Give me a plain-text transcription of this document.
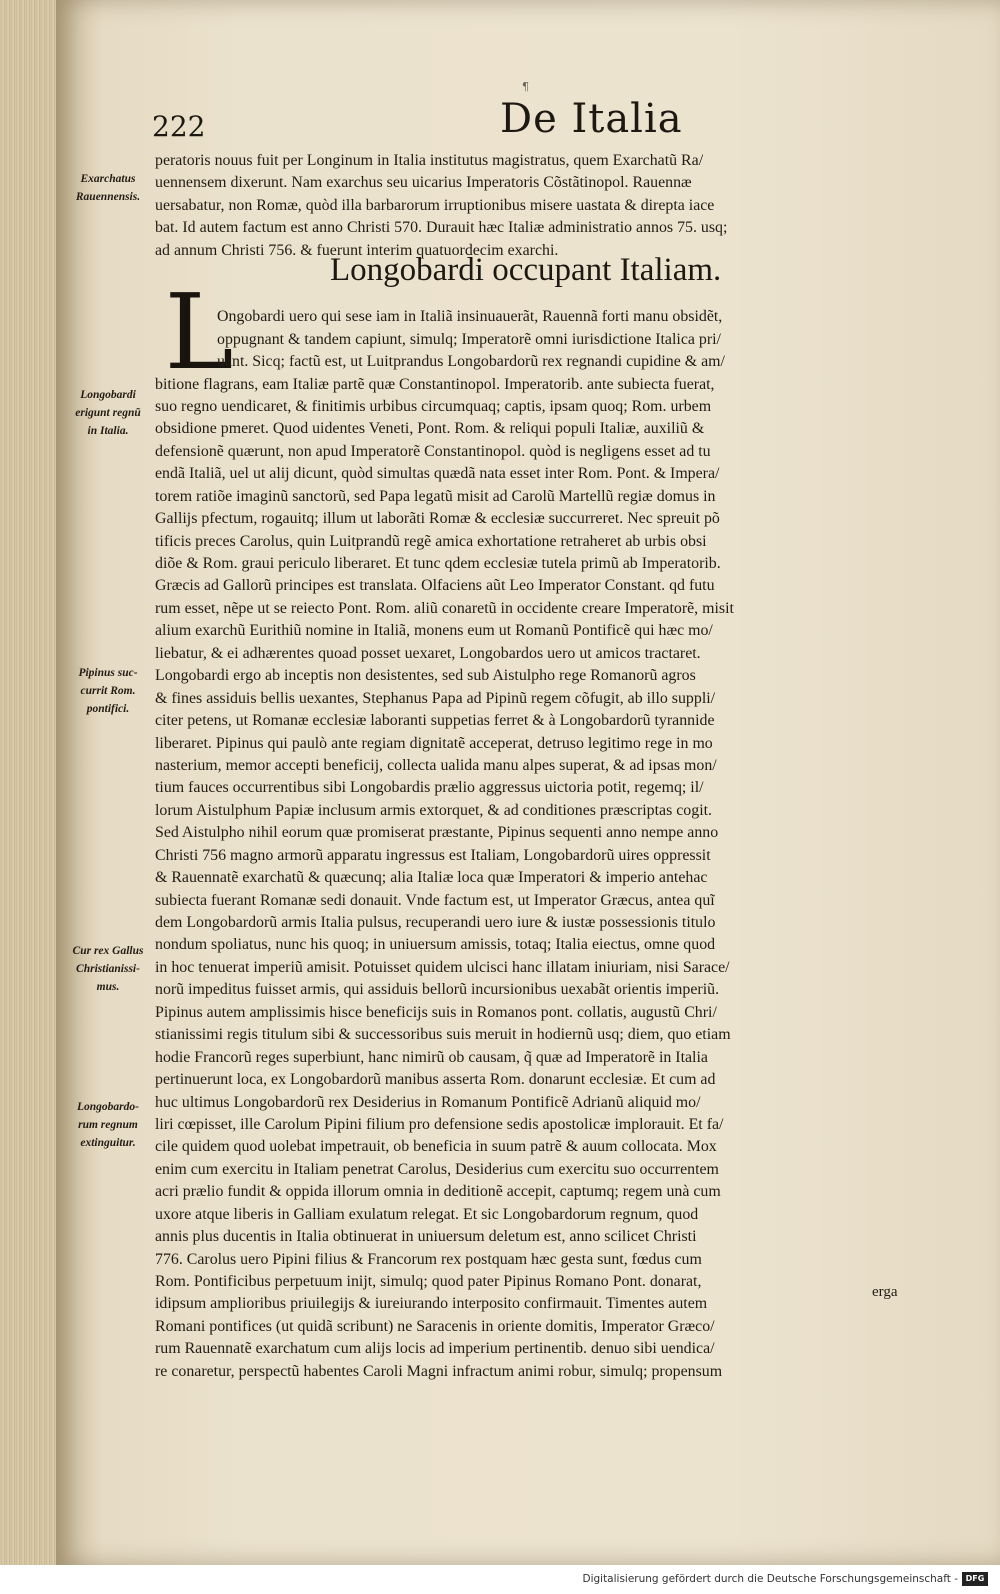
¶
222	De Italia
Longobardi occupant Italiam.
L
peratoris nouus fuit per Longinum in Italia institutus magistratus, quem Exarchatũ Ra/
uennensem dixerunt. Nam exarchus seu uicarius Imperatoris Cõstãtinopol. Rauennæ
uersabatur, non Romæ, quòd illa barbarorum irruptionibus misere uastata & direpta iace
bat. Id autem factum est anno Christi 570. Durauit hæc Italiæ administratio annos 75. usq;
ad annum Christi 756. & fuerunt interim quatuordecim exarchi.
Ongobardi uero qui sese iam in Italiã insinuauerãt, Rauennã forti manu obsidẽt,
oppugnant & tandem capiunt, simulq; Imperatorẽ omni iurisdictione Italica pri/
uant. Sicq; factũ est, ut Luitprandus Longobardorũ rex regnandi cupidine & am/
bitione flagrans, eam Italiæ partẽ quæ Constantinopol. Imperatorib. ante subiecta fuerat,
suo regno uendicaret, & finitimis urbibus circumquaq; captis, ipsam quoq; Rom. urbem
obsidione pmeret. Quod uidentes Veneti, Pont. Rom. & reliqui populi Italiæ, auxiliũ &
defensionẽ quærunt, non apud Imperatorẽ Constantinopol. quòd is negligens esset ad tu
endã Italiã, uel ut alij dicunt, quòd simultas quædã nata esset inter Rom. Pont. & Impera/
torem ratiõe imaginũ sanctorũ, sed Papa legatũ misit ad Carolũ Martellũ regiæ domus in
Gallijs pfectum, rogauitq; illum ut laborãti Romæ & ecclesiæ succurreret. Nec spreuit põ
tificis preces Carolus, quin Luitprandũ regẽ amica exhortatione retraheret ab urbis obsi
diõe & Rom. graui periculo liberaret. Et tunc qdem ecclesiæ tutela primũ ab Imperatorib.
Græcis ad Gallorũ principes est translata. Olfaciens aũt Leo Imperator Constant. qd futu
rum esset, nẽpe ut se reiecto Pont. Rom. aliũ conaretũ in occidente creare Imperatorẽ, misit
alium exarchũ Eurithiũ nomine in Italiã, monens eum ut Romanũ Pontificẽ qui hæc mo/
liebatur, & ei adhærentes quoad posset uexaret, Longobardos uero ut amicos tractaret.
Longobardi ergo ab inceptis non desistentes, sed sub Aistulpho rege Romanorũ agros
& fines assiduis bellis uexantes, Stephanus Papa ad Pipinũ regem cõfugit, ab illo suppli/
citer petens, ut Romanæ ecclesiæ laboranti suppetias ferret & à Longobardorũ tyrannide
liberaret. Pipinus qui paulò ante regiam dignitatẽ acceperat, detruso legitimo rege in mo
nasterium, memor accepti beneficij, collecta ualida manu alpes superat, & ad ipsas mon/
tium fauces occurrentibus sibi Longobardis prælio aggressus uictoria potit, regemq; il/
lorum Aistulphum Papiæ inclusum armis extorquet, & ad conditiones præscriptas cogit.
Sed Aistulpho nihil eorum quæ promiserat præstante, Pipinus sequenti anno nempe anno
Christi 756 magno armorũ apparatu ingressus est Italiam, Longobardorũ uires oppressit
& Rauennatẽ exarchatũ & quæcunq; alia Italiæ loca quæ Imperatori & imperio antehac
subiecta fuerant Romanæ sedi donauit. Vnde factum est, ut Imperator Græcus, antea quĩ
dem Longobardorũ armis Italia pulsus, recuperandi uero iure & iustæ possessionis titulo
nondum spoliatus, nunc his quoq; in uniuersum amissis, totaq; Italia eiectus, omne quod
in hoc tenuerat imperiũ amisit. Potuisset quidem ulcisci hanc illatam iniuriam, nisi Sarace/
norũ impeditus fuisset armis, qui assiduis bellorũ incursionibus uexabãt orientis imperiũ.
Pipinus autem amplissimis hisce beneficijs suis in Romanos pont. collatis, augustũ Chri/
stianissimi regis titulum sibi & successoribus suis meruit in hodiernũ usq; diem, quo etiam
hodie Francorũ reges superbiunt, hanc nimirũ ob causam, q̃ quæ ad Imperatorẽ in Italia
pertinuerunt loca, ex Longobardorũ manibus asserta Rom. donarunt ecclesiæ. Et cum ad
huc ultimus Longobardorũ rex Desiderius in Romanum Pontificẽ Adrianũ aliquid mo/
liri cœpisset, ille Carolum Pipini filium pro defensione sedis apostolicæ implorauit. Et fa/
cile quidem quod uolebat impetrauit, ob beneficia in suum patrẽ & auum collocata. Mox
enim cum exercitu in Italiam penetrat Carolus, Desiderius cum exercitu suo occurrentem
acri prælio fundit & oppida illorum omnia in deditionẽ accepit, captumq; regem unà cum
uxore atque liberis in Galliam exulatum relegat. Et sic Longobardorum regnum, quod
annis plus ducentis in Italia obtinuerat in uniuersum deletum est, anno scilicet Christi
776. Carolus uero Pipini filius & Francorum rex postquam hæc gesta sunt, fœdus cum
Rom. Pontificibus perpetuum inijt, simulq; quod pater Pipinus Romano Pont. donarat,
idipsum amplioribus priuilegijs & iureiurando interposito confirmauit. Timentes autem
Romani pontifices (ut quidã scribunt) ne Saracenis in oriente domitis, Imperator Græco/
rum Rauennatẽ exarchatum cum alijs locis ad imperium pertinentib. denuo sibi uendica/
re conaretur, perspectũ habentes Caroli Magni infractum animi robur, simulq; propensum
erga
Exarchatus
Rauennensis.
Longobardi
erigunt regnũ
in Italia.
Pipinus suc-
currit Rom.
pontifici.
Cur rex Gallus
Christianissi-
mus.
Longobardo-
rum regnum
extinguitur.
Digitalisierung gefördert durch die Deutsche Forschungsgemeinschaft - DFG
